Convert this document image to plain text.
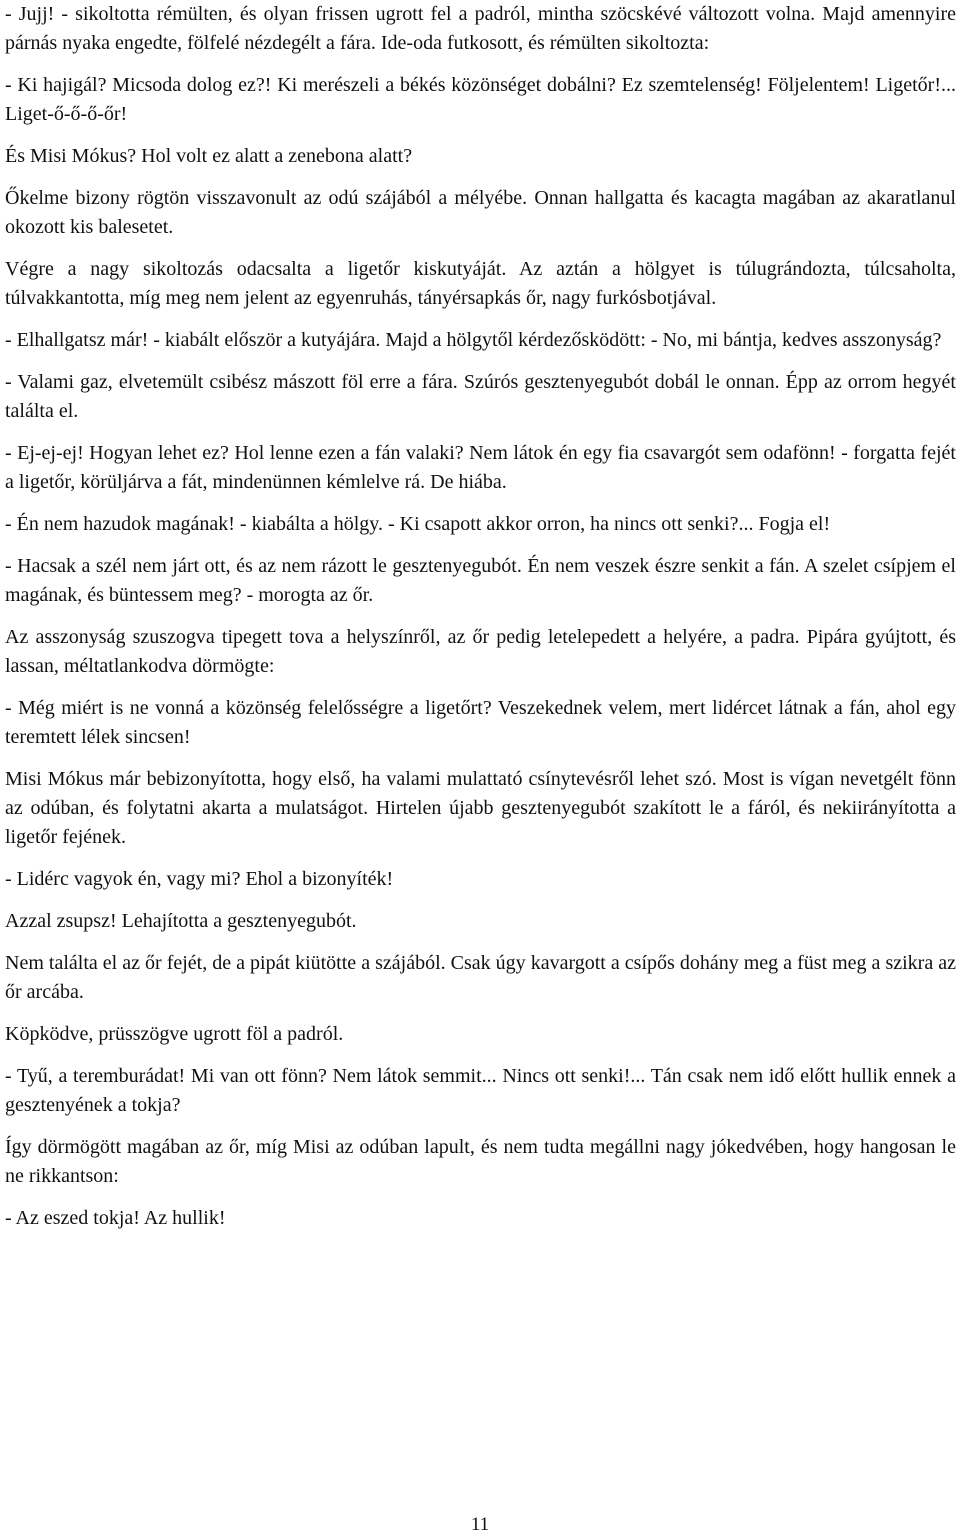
- Jujj! - sikoltotta rémülten, és olyan frissen ugrott fel a padról, mintha szöcskévé változott volna. Majd amennyire párnás nyaka engedte, fölfelé nézdegélt a fára. Ide-oda futkosott, és rémülten sikoltozta:

- Ki hajigál? Micsoda dolog ez?! Ki merészeli a békés közönséget dobálni? Ez szemtelenség! Följelentem! Ligetőr!... Liget-ő-ő-ő-őr!

És Misi Mókus? Hol volt ez alatt a zenebona alatt?

Őkelme bizony rögtön visszavonult az odú szájából a mélyébe. Onnan hallgatta és kacagta magában az akaratlanul okozott kis balesetet.

Végre a nagy sikoltozás odacsalta a ligetőr kiskutyáját. Az aztán a hölgyet is túlugrándozta, túlcsaholta, túlvakkantotta, míg meg nem jelent az egyenruhás, tányérsapkás őr, nagy furkósbotjával.

- Elhallgatsz már! - kiabált először a kutyájára. Majd a hölgytől kérdezősködött: - No, mi bántja, kedves asszonyság?

- Valami gaz, elvetemült csibész mászott föl erre a fára. Szúrós gesztenyegubót dobál le onnan. Épp az orrom hegyét találta el.

- Ej-ej-ej! Hogyan lehet ez? Hol lenne ezen a fán valaki? Nem látok én egy fia csavargót sem odafönn! - forgatta fejét a ligetőr, körüljárva a fát, mindenünnen kémlelve rá. De hiába.

- Én nem hazudok magának! - kiabálta a hölgy. - Ki csapott akkor orron, ha nincs ott senki?... Fogja el!

- Hacsak a szél nem járt ott, és az nem rázott le gesztenyegubót. Én nem veszek észre senkit a fán. A szelet csípjem el magának, és büntessem meg? - morogta az őr.

Az asszonyság szuszogva tipegett tova a helyszínről, az őr pedig letelepedett a helyére, a padra. Pipára gyújtott, és lassan, méltatlankodva dörmögte:

- Még miért is ne vonná a közönség felelősségre a ligetőrt? Veszekednek velem, mert lidércet látnak a fán, ahol egy teremtett lélek sincsen!

Misi Mókus már bebizonyította, hogy első, ha valami mulattató csínytevésről lehet szó. Most is vígan nevetgélt fönn az odúban, és folytatni akarta a mulatságot. Hirtelen újabb gesztenyegubót szakított le a fáról, és nekiirányította a ligetőr fejének.

- Lidérc vagyok én, vagy mi? Ehol a bizonyíték!

Azzal zsupsz! Lehajította a gesztenyegubót.

Nem találta el az őr fejét, de a pipát kiütötte a szájából. Csak úgy kavargott a csípős dohány meg a füst meg a szikra az őr arcába.

Köpködve, prüsszögve ugrott föl a padról.

- Tyű, a teremburádat! Mi van ott fönn? Nem látok semmit... Nincs ott senki!... Tán csak nem idő előtt hullik ennek a gesztenyének a tokja?

Így dörmögött magában az őr, míg Misi az odúban lapult, és nem tudta megállni nagy jókedvében, hogy hangosan le ne rikkantson:

- Az eszed tokja! Az hullik!

11
